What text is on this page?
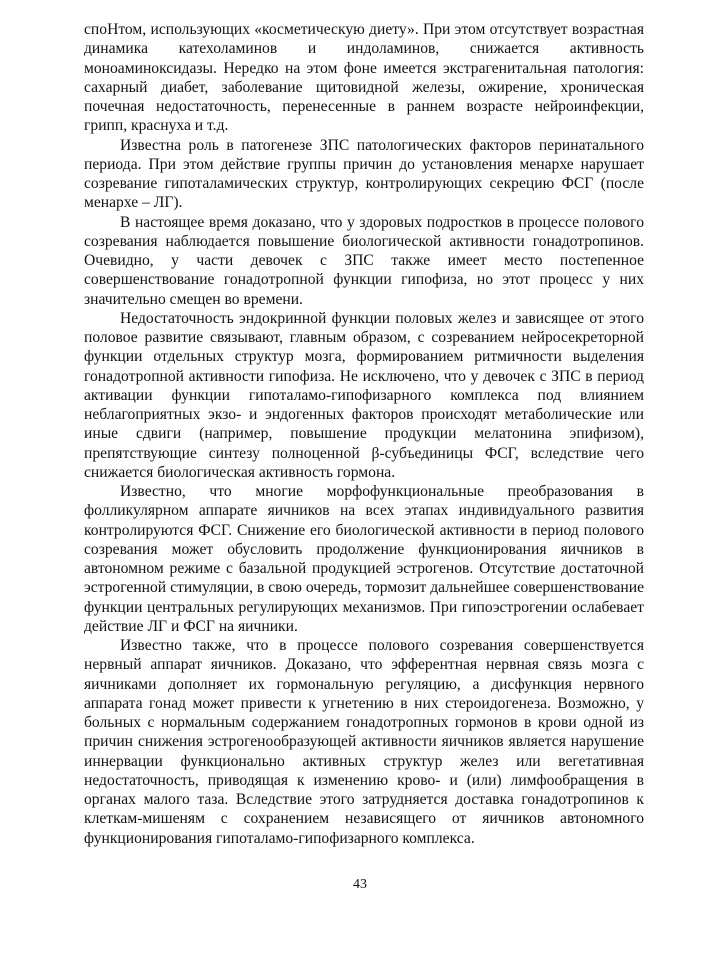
споНтом, использующих «косметическую диету». При этом отсутствует возрастная динамика катехоламинов и индоламинов, снижается активность моноаминоксидазы. Нередко на этом фоне имеется экстрагенитальная патология: сахарный диабет, заболевание щитовидной железы, ожирение, хроническая почечная недостаточность, перенесенные в раннем возрасте нейроинфекции, грипп, краснуха и т.д.

Известна роль в патогенезе ЗПС патологических факторов перинатального периода. При этом действие группы причин до установления менархе нарушает созревание гипоталамических структур, контролирующих секрецию ФСГ (после менархе – ЛГ).

В настоящее время доказано, что у здоровых подростков в процессе полового созревания наблюдается повышение биологической активности гонадотропинов. Очевидно, у части девочек с ЗПС также имеет место постепенное совершенствование гонадотропной функции гипофиза, но этот процесс у них значительно смещен во времени.

Недостаточность эндокринной функции половых желез и зависящее от этого половое развитие связывают, главным образом, с созреванием нейросекреторной функции отдельных структур мозга, формированием ритмичности выделения гонадотропной активности гипофиза. Не исключено, что у девочек с ЗПС в период активации функции гипоталамо-гипофизарного комплекса под влиянием неблагоприятных экзо- и эндогенных факторов происходят метаболические или иные сдвиги (например, повышение продукции мелатонина эпифизом), препятствующие синтезу полноценной β-субъединицы ФСГ, вследствие чего снижается биологическая активность гормона.

Известно, что многие морфофункциональные преобразования в фолликулярном аппарате яичников на всех этапах индивидуального развития контролируются ФСГ. Снижение его биологической активности в период полового созревания может обусловить продолжение функционирования яичников в автономном режиме с базальной продукцией эстрогенов. Отсутствие достаточной эстрогенной стимуляции, в свою очередь, тормозит дальнейшее совершенствование функции центральных регулирующих механизмов. При гипоэстрогении ослабевает действие ЛГ и ФСГ на яичники.

Известно также, что в процессе полового созревания совершенствуется нервный аппарат яичников. Доказано, что эфферентная нервная связь мозга с яичниками дополняет их гормональную регуляцию, а дисфункция нервного аппарата гонад может привести к угнетению в них стероидогенеза. Возможно, у больных с нормальным содержанием гонадотропных гормонов в крови одной из причин снижения эстрогенообразующей активности яичников является нарушение иннервации функционально активных структур желез или вегетативная недостаточность, приводящая к изменению крово- и (или) лимфообращения в органах малого таза. Вследствие этого затрудняется доставка гонадотропинов к клеткам-мишеням с сохранением независящего от яичников автономного функционирования гипоталамо-гипофизарного комплекса.

43
